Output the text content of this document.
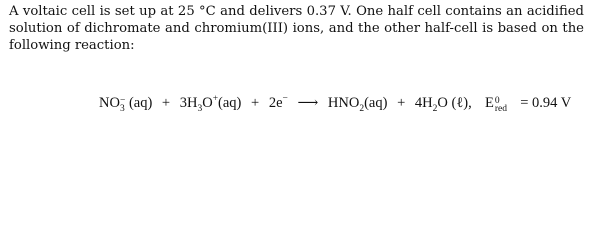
A voltaic cell is set up at 25 °C and delivers 0.37 V. One half cell contains an acidified solution of dichromate and chromium(III) ions, and the other half-cell is based on the following reaction:
NO −
3 $(aq) + 3H_3O^+(aq) + 2e^-$ ⟶ $HNO_2(aq) + 4H_2O$ (ℓ), E 0
red = 0.94 V
